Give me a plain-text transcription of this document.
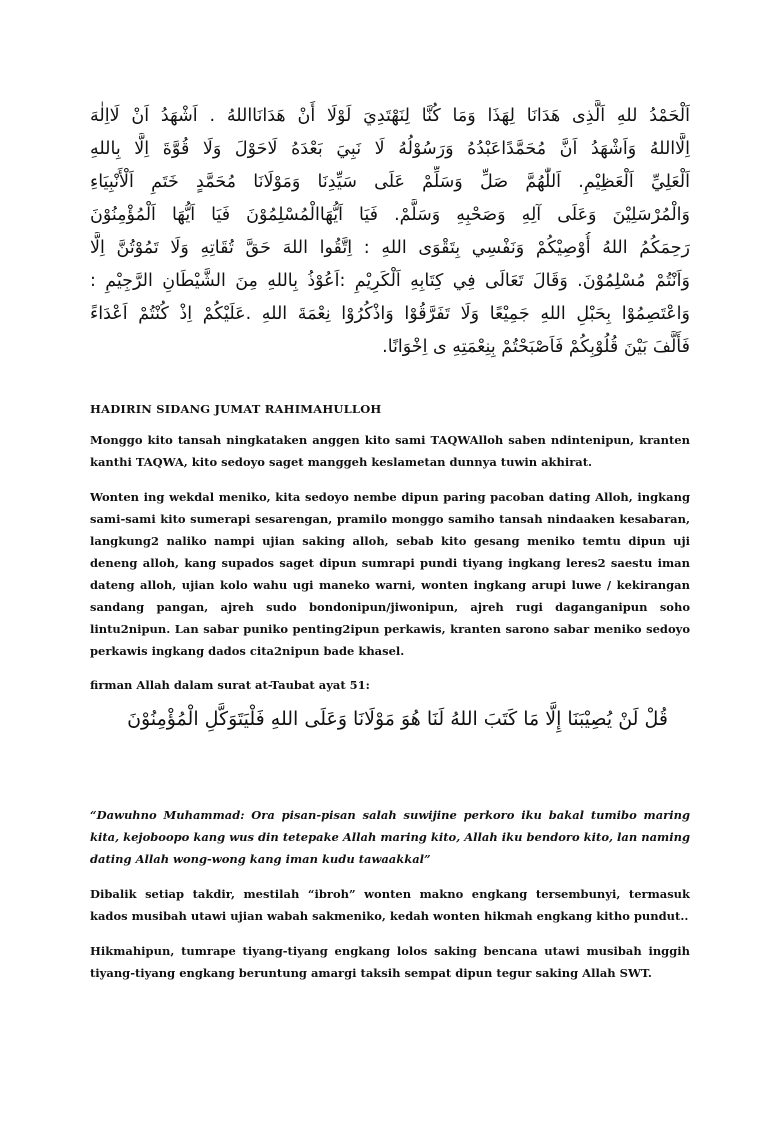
اَلْحَمْدُ للهِ اَلَّذِى هَدَانَا لِهَذَا وَمَا كُنَّا لِنَهْتَدِيَ لَوْلَا أَنْ هَدَانَااللهُ . اَشْهَدُ اَنْ لَااِلٰهَ
اِلَّااللهُ وَاَشْهَدُ اَنَّ مُحَمَّدًاعَبْدُهُ وَرَسُوْلُهُ لَا نَبِيَ بَعْدَهُ لَاحَوْلَ وَلَا قُوَّةَ اِلَّا بِاللهِ
اَلْعَلِيِّ اَلْعَظِيْمِ. اَللّٰهُمَّ صَلِّ وَسَلِّمْ عَلَى سَيِّدِنَا وَمَوْلَانَا مُحَمَّدٍ خَتَمِ اَلْأَنْبِيَاءِ
وَالْمُرْسَلِيْنَ وَعَلَى آلِهِ وَصَحْبِهِ وَسَلَّمْ. فَيَا اَيُّهَاالْمُسْلِمُوْنَ فَيَا اَيُّهَا اَلْمُؤْمِنُوْنَ
رَحِمَكُمُ اللهُ أُوْصِيْكُمْ وَنَفْسِي بِتَقْوَى اللهِ : اِتَّقُوا اللهَ حَقَّ تُقَاتِهِ وَلَا تَمُوْتُنَّ اِلَّا
وَاَنْتُمْ مُسْلِمُوْنَ. وَقَالَ تَعَالَى فِي كِتَابِهِ اَلْكَرِيْمِ :اَعُوْذُ بِاللهِ مِنَ الشَّيْطَانِ الرَّجِيْمِ :
وَاعْتَصِمُوْا بِحَبْلِ اللهِ جَمِيْعًا وَلَا تَفَرَّقُوْا وَاذْكُرُوْا نِعْمَةَ اللهِ .عَلَيْكُمْ اِذْ كُنْتُمْ اَعْدَاءً
فَأَلَّفَ بَيْنَ قُلُوْبِكُمْ فَاَصْبَحْتُمْ بِنِعْمَتِهِ ى اِخْوَانًا.
HADIRIN SIDANG JUMAT RAHIMAHULLOH

Monggo kito tansah ningkataken anggen kito sami TAQWAlloh saben ndintenipun, kranten kanthi TAQWA, kito sedoyo saget manggeh keslametan dunnya tuwin akhirat.

Wonten ing wekdal meniko, kita sedoyo nembe dipun paring pacoban dating Alloh, ingkang sami-sami kito sumerapi sesarengan, pramilo monggo samiho tansah nindaaken kesabaran, langkung2 naliko nampi ujian saking alloh, sebab kito gesang meniko temtu dipun uji deneng alloh, kang supados saget dipun sumrapi pundi tiyang ingkang leres2 saestu iman dateng alloh, ujian kolo wahu ugi maneko warni, wonten ingkang arupi luwe / kekirangan sandang pangan, ajreh sudo bondonipun/jiwonipun, ajreh rugi daganganipun soho lintu2nipun. Lan sabar puniko penting2ipun perkawis, kranten sarono sabar meniko sedoyo perkawis ingkang dados cita2nipun bade khasel.

firman Allah dalam surat at-Taubat ayat 51:
قُلْ لَنْ يُصِيْبَنَا إِلَّا مَا كَتَبَ اللهُ لَنَا هُوَ مَوْلَانَا وَعَلَى اللهِ فَلْيَتَوَكَّلِ الْمُؤْمِنُوْنَ

“Dawuhno Muhammad: Ora pisan-pisan salah suwijine perkoro iku bakal tumibo maring kita, kejoboopo kang wus din tetepake Allah maring kito, Allah iku bendoro kito, lan naming dating Allah wong-wong kang iman kudu tawaakkal”

Dibalik setiap takdir, mestilah “ibroh” wonten makno engkang tersembunyi, termasuk kados musibah utawi ujian wabah sakmeniko, kedah wonten hikmah engkang kitho pundut..

Hikmahipun, tumrape tiyang-tiyang engkang lolos saking bencana utawi musibah inggih tiyang-tiyang engkang beruntung amargi taksih sempat dipun tegur saking Allah SWT.
